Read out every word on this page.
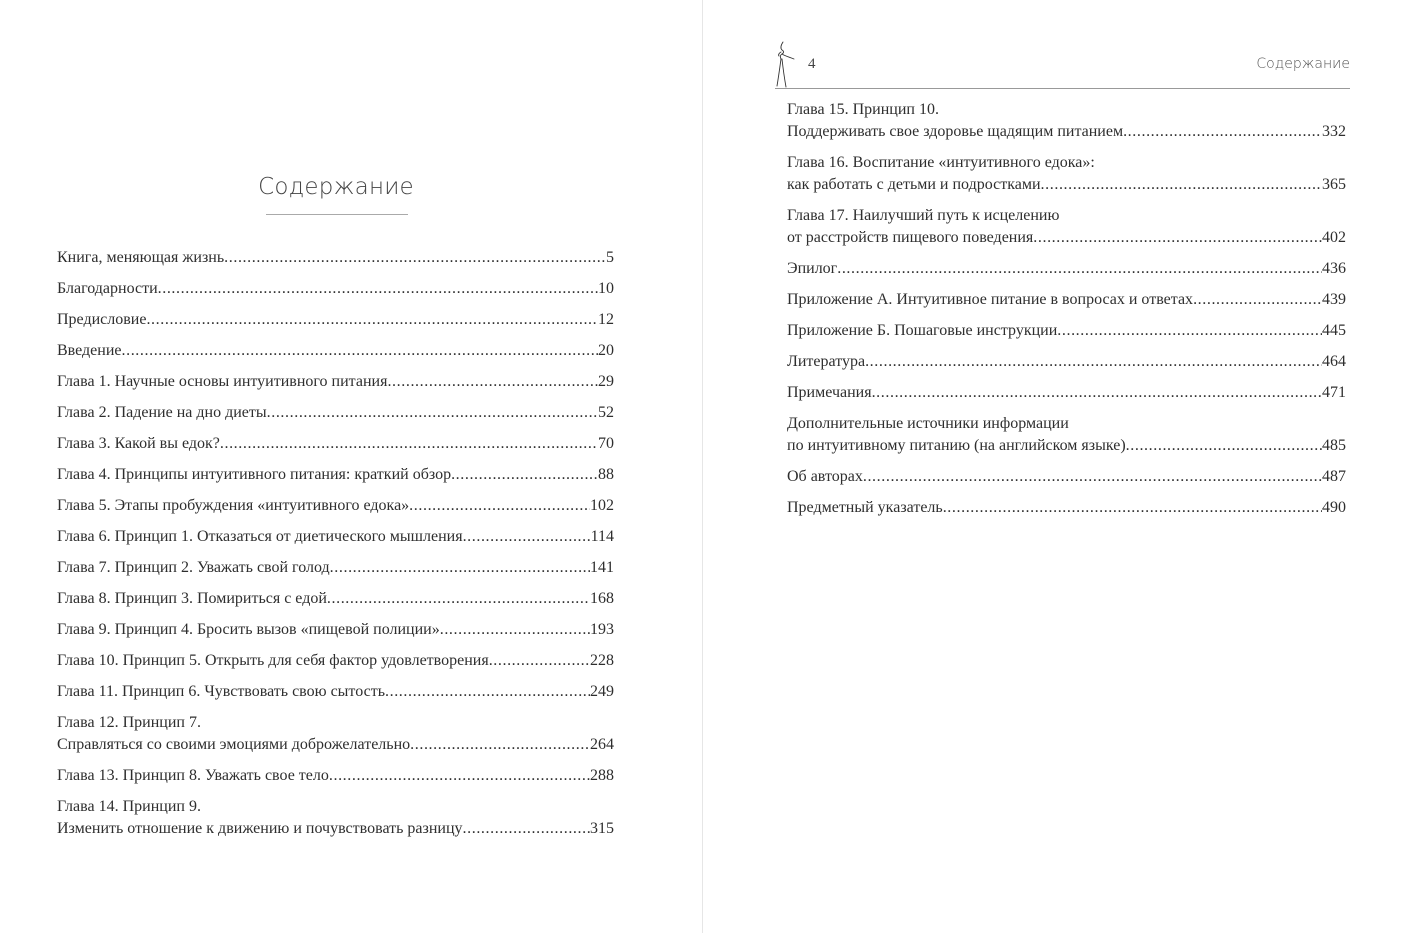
Содержание
Книга, меняющая жизнь .....	5
Благодарности .....	10
Предисловие .....	12
Введение .....	20
Глава 1. Научные основы интуитивного питания .....	29
Глава 2. Падение на дно диеты .....	52
Глава 3. Какой вы едок? .....	70
Глава 4. Принципы интуитивного питания: краткий обзор .....	88
Глава 5. Этапы пробуждения «интуитивного едока» .....	102
Глава 6. Принцип 1. Отказаться от диетического мышления .....	114
Глава 7. Принцип 2. Уважать свой голод .....	141
Глава 8. Принцип 3. Помириться с едой .....	168
Глава 9. Принцип 4. Бросить вызов «пищевой полиции» .....	193
Глава 10. Принцип 5. Открыть для себя фактор удовлетворения .....	228
Глава 11. Принцип 6. Чувствовать свою сытость .....	249
Глава 12. Принцип 7.
Справляться со своими эмоциями доброжелательно .....	264
Глава 13. Принцип 8. Уважать свое тело .....	288
Глава 14. Принцип 9.
Изменить отношение к движению и почувствовать разницу .....	315
4	Содержание
Глава 15. Принцип 10.
Поддерживать свое здоровье щадящим питанием .....	332
Глава 16. Воспитание «интуитивного едока»:
как работать с детьми и подростками .....	365
Глава 17. Наилучший путь к исцелению
от расстройств пищевого поведения .....	402
Эпилог .....	436
Приложение А. Интуитивное питание в вопросах и ответах .....	439
Приложение Б. Пошаговые инструкции .....	445
Литература .....	464
Примечания .....	471
Дополнительные источники информации
по интуитивному питанию (на английском языке) .....	485
Об авторах .....	487
Предметный указатель .....	490
